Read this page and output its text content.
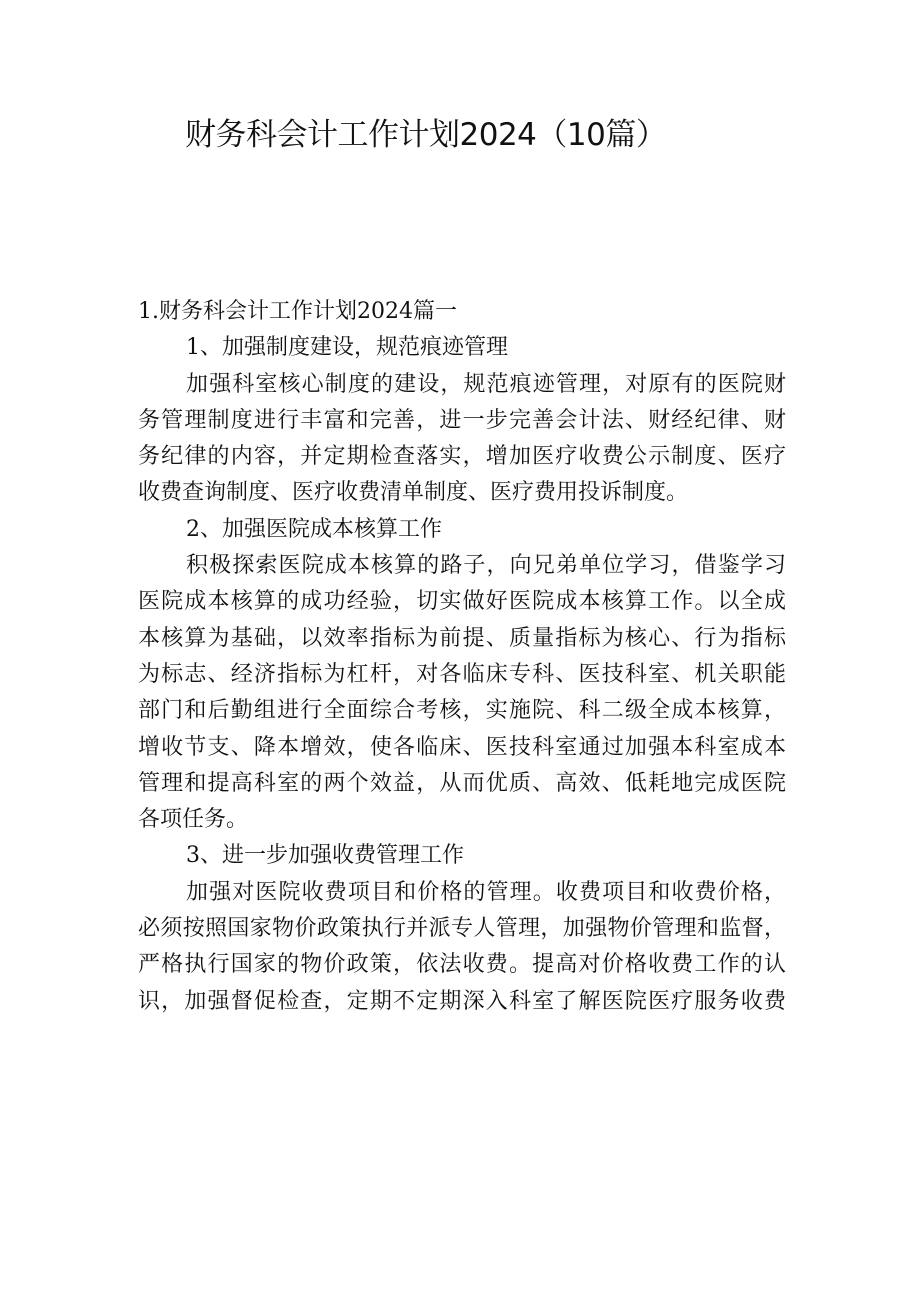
财务科会计工作计划2024（10篇）
1.财务科会计工作计划2024篇一
1、加强制度建设，规范痕迹管理
加强科室核心制度的建设，规范痕迹管理，对原有的医院财
务管理制度进行丰富和完善，进一步完善会计法、财经纪律、财
务纪律的内容，并定期检查落实，增加医疗收费公示制度、医疗
收费查询制度、医疗收费清单制度、医疗费用投诉制度。
2、加强医院成本核算工作
积极探索医院成本核算的路子，向兄弟单位学习，借鉴学习
医院成本核算的成功经验，切实做好医院成本核算工作。以全成
本核算为基础，以效率指标为前提、质量指标为核心、行为指标
为标志、经济指标为杠杆，对各临床专科、医技科室、机关职能
部门和后勤组进行全面综合考核，实施院、科二级全成本核算，
增收节支、降本增效，使各临床、医技科室通过加强本科室成本
管理和提高科室的两个效益，从而优质、高效、低耗地完成医院
各项任务。
3、进一步加强收费管理工作
加强对医院收费项目和价格的管理。收费项目和收费价格，
必须按照国家物价政策执行并派专人管理，加强物价管理和监督，
严格执行国家的物价政策，依法收费。提高对价格收费工作的认
识，加强督促检查，定期不定期深入科室了解医院医疗服务收费
